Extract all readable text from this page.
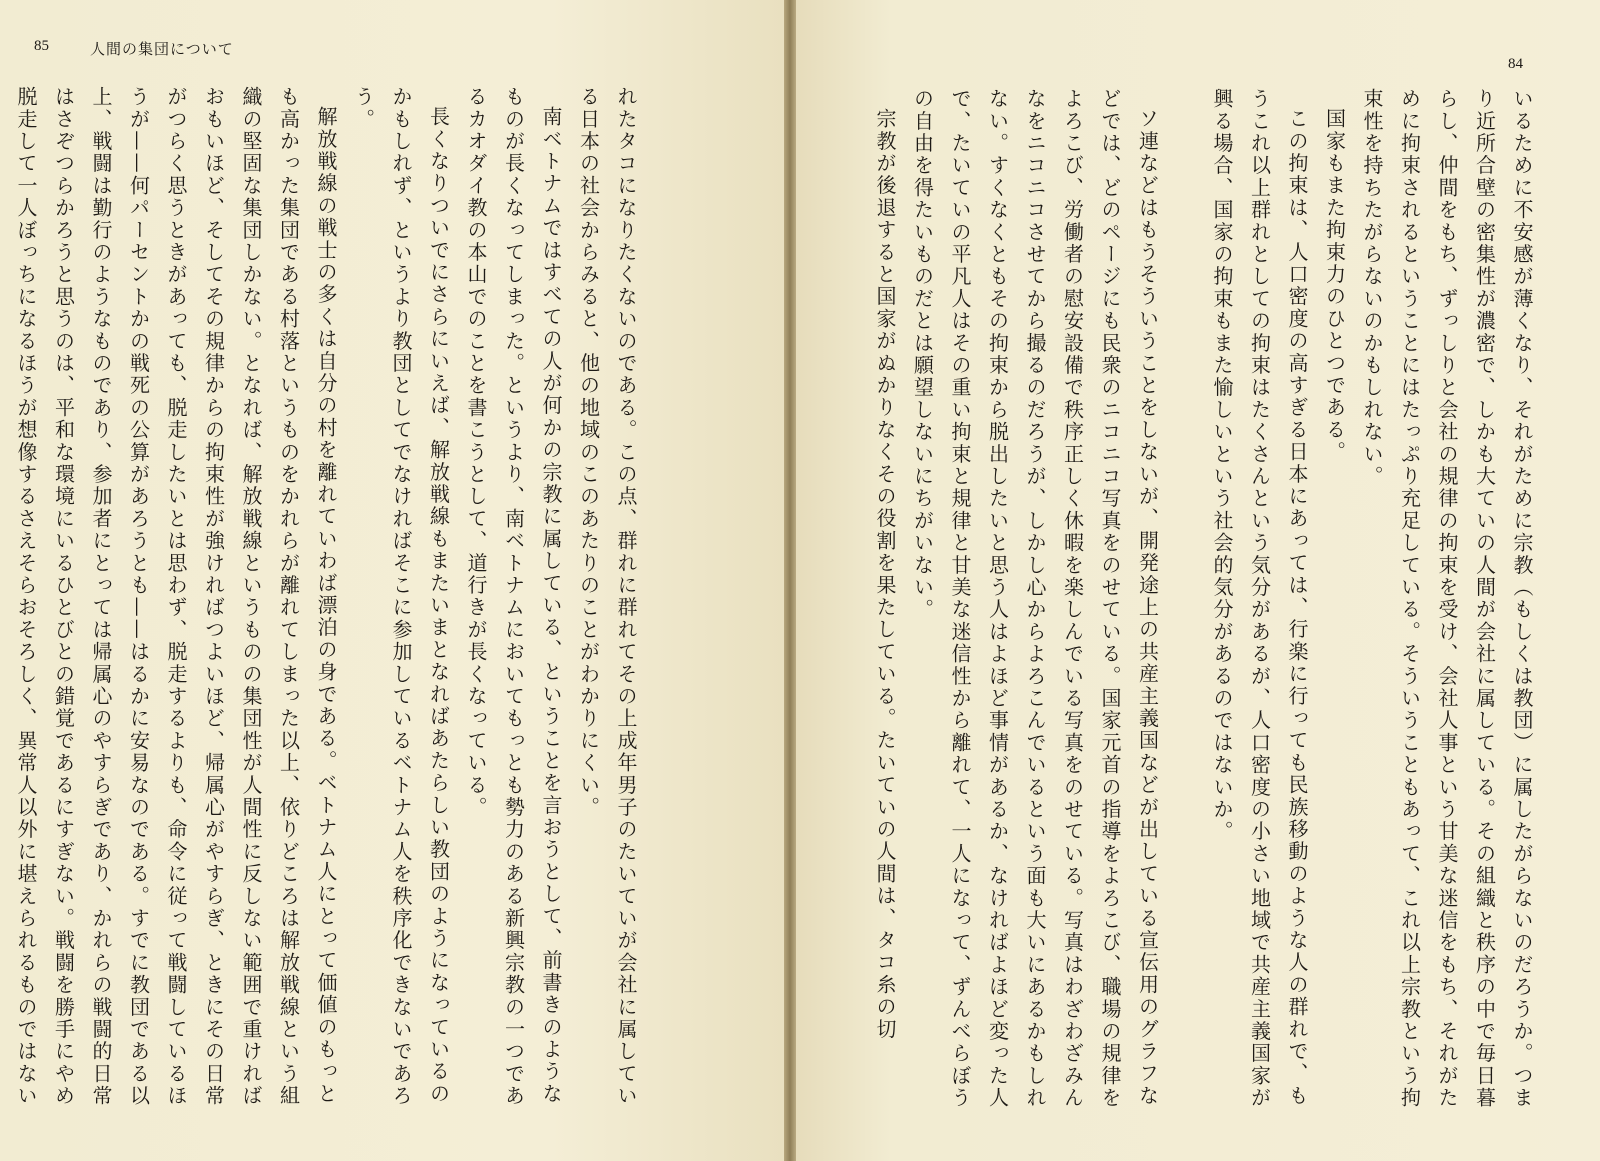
85	人間の集団について

れたタコになりたくないのである。この点、群れに群れてその上成年男子のたいていが会社に属している日本の社会からみると、他の地域のこのあたりのことがわかりにくい。

南ベトナムではすべての人が何かの宗教に属している、ということを言おうとして、前書きのようなものが長くなってしまった。というより、南ベトナムにおいてもっとも勢力のある新興宗教の一つであるカオダイ教の本山でのことを書こうとして、道行きが長くなっている。

長くなりついでにさらにいえば、解放戦線もまたいまとなればあたらしい教団のようになっているのかもしれず、というより教団としてでなければそこに参加しているベトナム人を秩序化できないであろう。

解放戦線の戦士の多くは自分の村を離れていわば漂泊の身である。ベトナム人にとって価値のもっとも高かった集団である村落というものをかれらが離れてしまった以上、依りどころは解放戦線という組織の堅固な集団しかない。となれば、解放戦線というものの集団性が人間性に反しない範囲で重ければおもいほど、そしてその規律からの拘束性が強ければつよいほど、帰属心がやすらぎ、ときにその日常がつらく思うときがあっても、脱走したいとは思わず、脱走するよりも、命令に従って戦闘しているほうが——何パーセントかの戦死の公算があろうとも——はるかに安易なのである。すでに教団である以上、戦闘は勤行のようなものであり、参加者にとっては帰属心のやすらぎであり、かれらの戦闘的日常はさぞつらかろうと思うのは、平和な環境にいるひとびとの錯覚であるにすぎない。戦闘を勝手にやめ脱走して一人ぼっちになるほうが想像するさえそらおそろしく、異常人以外に堪えられるものではない

84

いるために不安感が薄くなり、それがために宗教（もしくは教団）に属したがらないのだろうか。つまり近所合壁の密集性が濃密で、しかも大ていの人間が会社に属している。その組織と秩序の中で毎日暮らし、仲間をもち、ずっしりと会社の規律の拘束を受け、会社人事という甘美な迷信をもち、それがために拘束されるということにはたっぷり充足している。そういうこともあって、これ以上宗教という拘束性を持ちたがらないのかもしれない。

国家もまた拘束力のひとつである。

この拘束は、人口密度の高すぎる日本にあっては、行楽に行っても民族移動のような人の群れで、もうこれ以上群れとしての拘束はたくさんという気分があるが、人口密度の小さい地域で共産主義国家が興る場合、国家の拘束もまた愉しいという社会的気分があるのではないか。

ソ連などはもうそういうことをしないが、開発途上の共産主義国などが出している宣伝用のグラフなどでは、どのページにも民衆のニコニコ写真をのせている。国家元首の指導をよろこび、職場の規律をよろこび、労働者の慰安設備で秩序正しく休暇を楽しんでいる写真をのせている。写真はわざわざみんなをニコニコさせてから撮るのだろうが、しかし心からよろこんでいるという面も大いにあるかもしれない。すくなくともその拘束から脱出したいと思う人はよほど事情があるか、なければよほど変った人で、たいていの平凡人はその重い拘束と規律と甘美な迷信性から離れて、一人になって、ずんべらぼうの自由を得たいものだとは願望しないにちがいない。

宗教が後退すると国家がぬかりなくその役割を果たしている。たいていの人間は、タコ糸の切
